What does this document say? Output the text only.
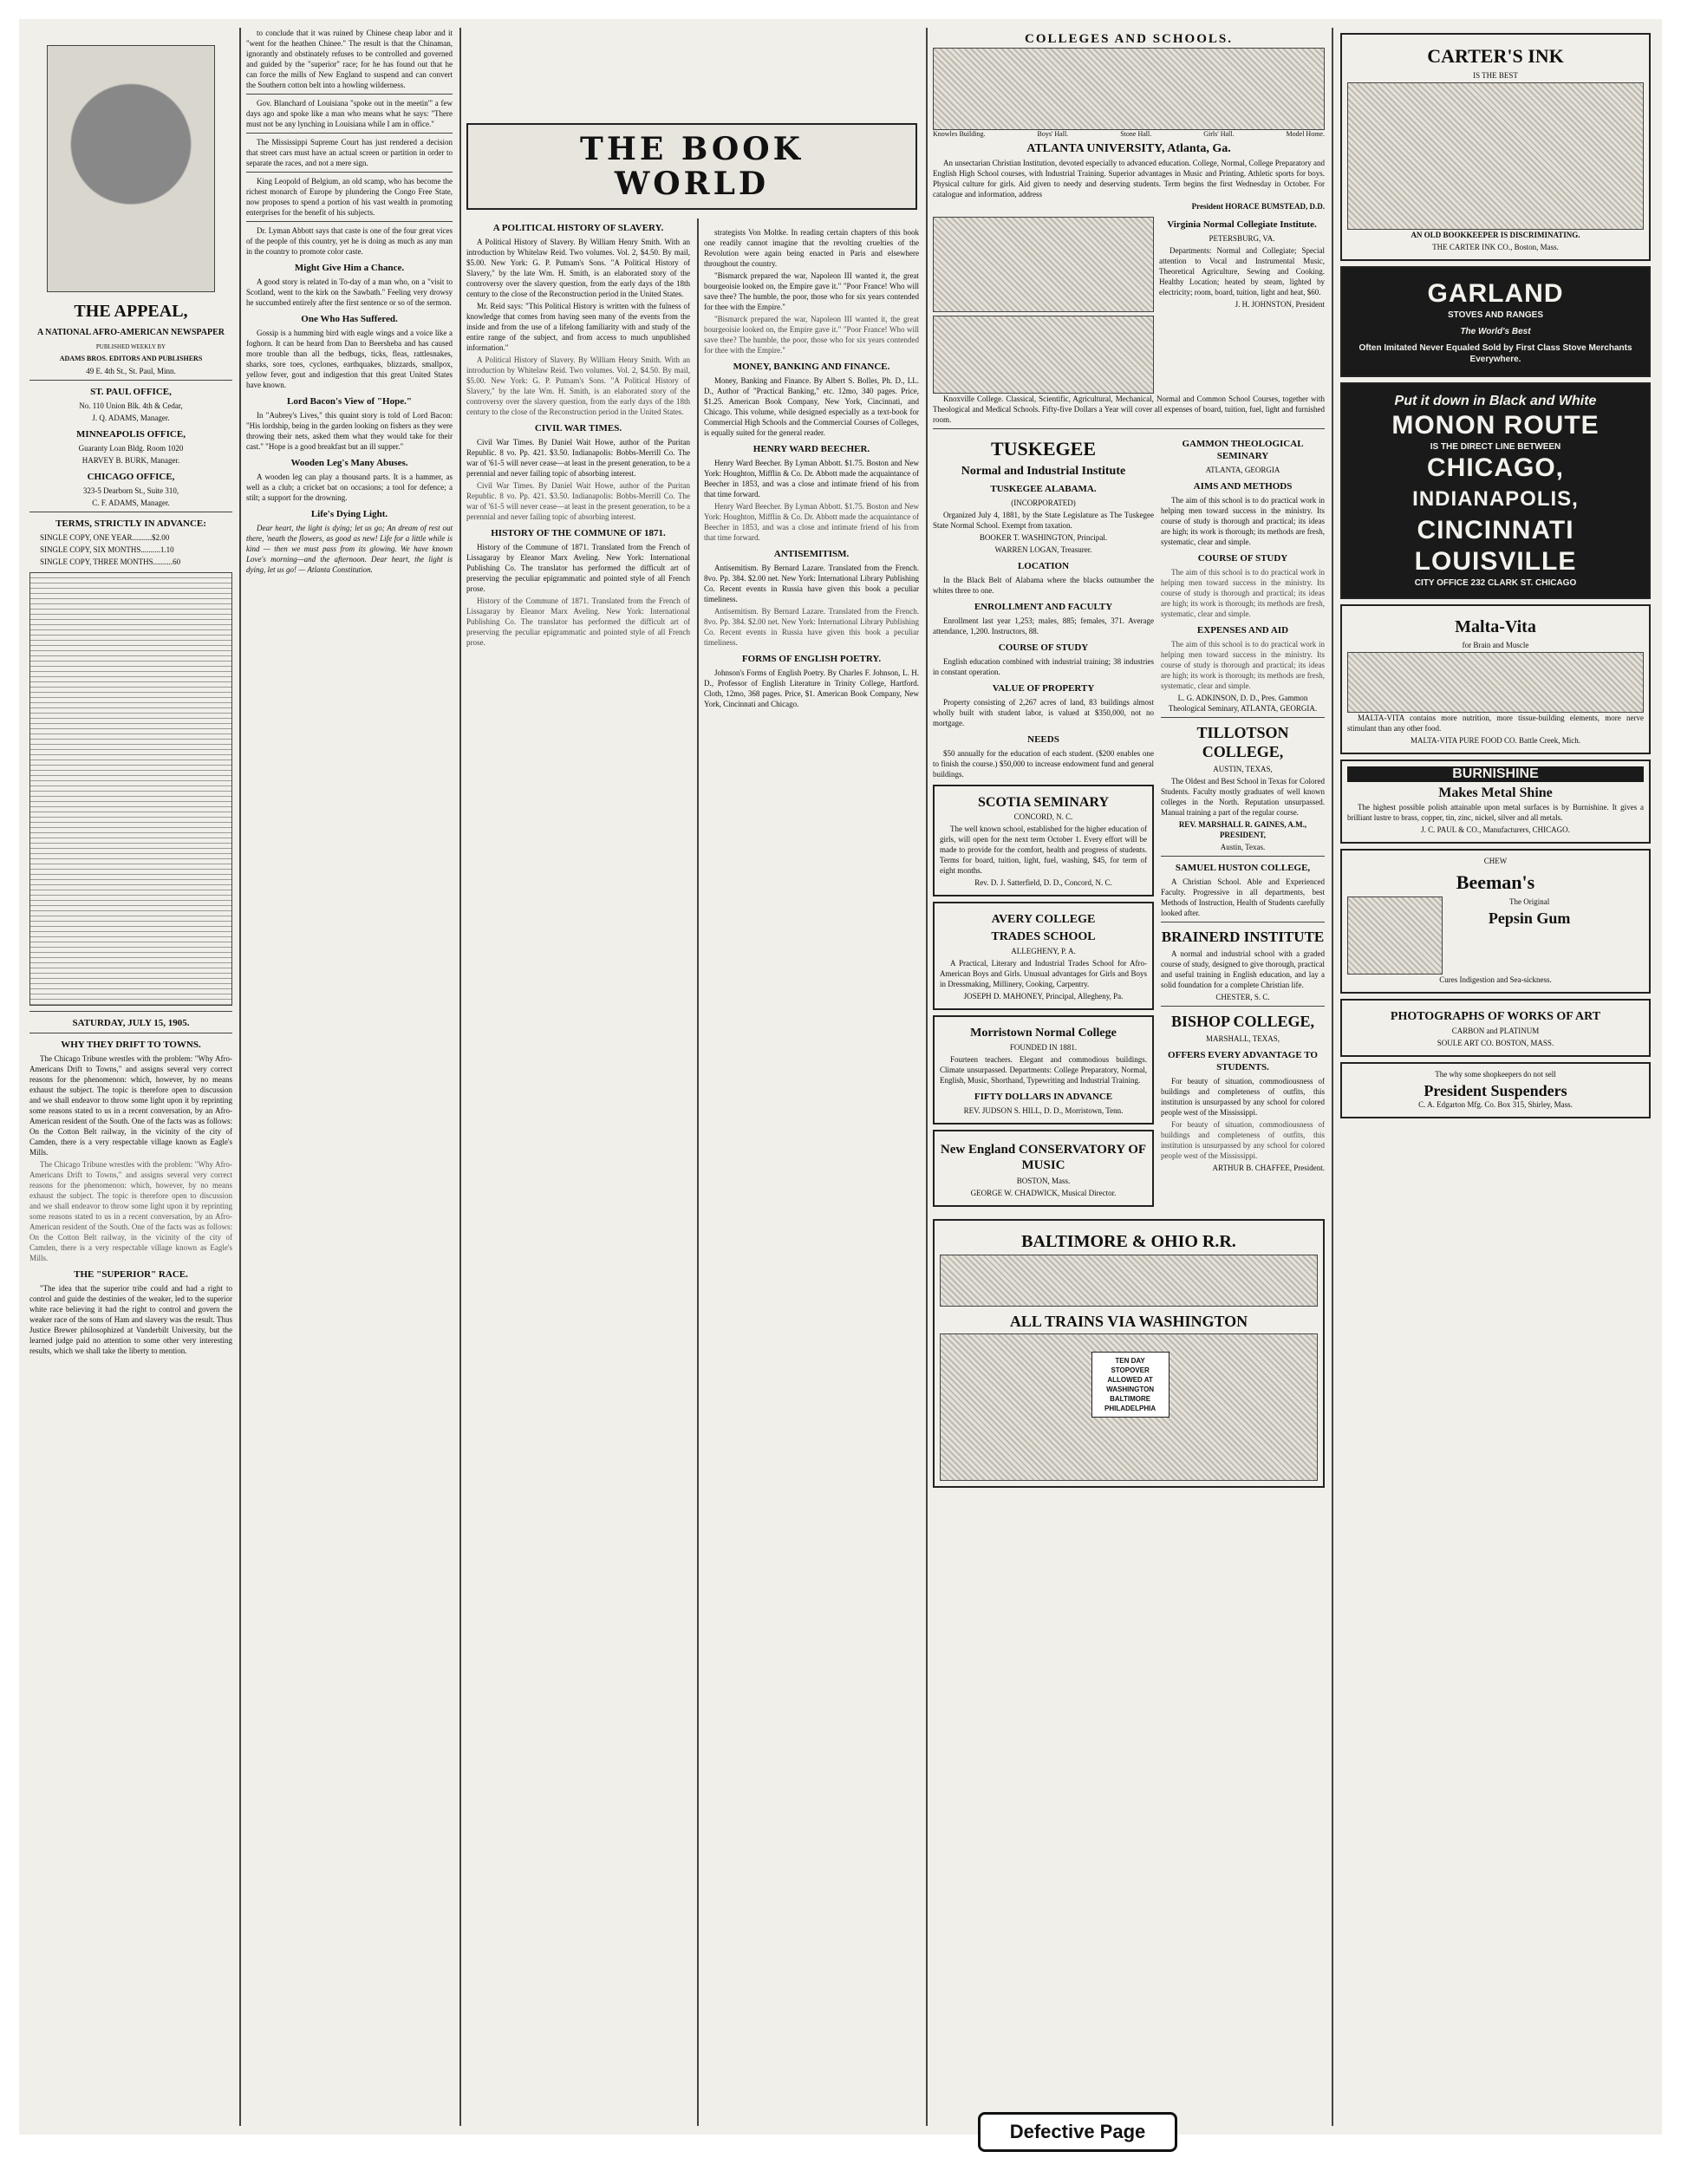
THE APPEAL,
A NATIONAL AFRO-AMERICAN NEWSPAPER

PUBLISHED WEEKLY BY

ADAMS BROS. EDITORS AND PUBLISHERS

49 E. 4th St., St. Paul, Minn.

ST. PAUL OFFICE,

No. 110 Union Blk. 4th & Cedar,

J. Q. ADAMS, Manager.

MINNEAPOLIS OFFICE,

Guaranty Loan Bldg. Room 1020

HARVEY B. BURK, Manager.

CHICAGO OFFICE,

323-5 Dearborn St., Suite 310,

C. F. ADAMS, Manager.

TERMS, STRICTLY IN ADVANCE:

SINGLE COPY, ONE YEAR..........$2.00

SINGLE COPY, SIX MONTHS..........1.10

SINGLE COPY, THREE MONTHS..........60

SATURDAY, JULY 15, 1905.
WHY THEY DRIFT TO TOWNS.

The Chicago Tribune wrestles with the problem: "Why Afro-Americans Drift to Towns," and assigns several very correct reasons for the phenomenon: which, however, by no means exhaust the subject. The topic is therefore open to discussion and we shall endeavor to throw some light upon it by reprinting some reasons stated to us in a recent conversation, by an Afro-American resident of the South. One of the facts was as follows: On the Cotton Belt railway, in the vicinity of the city of Camden, there is a very respectable village known as Eagle's Mills.

The Chicago Tribune wrestles with the problem: "Why Afro-Americans Drift to Towns," and assigns several very correct reasons for the phenomenon: which, however, by no means exhaust the subject. The topic is therefore open to discussion and we shall endeavor to throw some light upon it by reprinting some reasons stated to us in a recent conversation, by an Afro-American resident of the South. One of the facts was as follows: On the Cotton Belt railway, in the vicinity of the city of Camden, there is a very respectable village known as Eagle's Mills.

THE "SUPERIOR" RACE.

"The idea that the superior tribe could and had a right to control and guide the destinies of the weaker, led to the superior white race believing it had the right to control and govern the weaker race of the sons of Ham and slavery was the result. Thus Justice Brewer philosophized at Vanderbilt University, but the learned judge paid no attention to some other very interesting results, which we shall take the liberty to mention.

to conclude that it was ruined by Chinese cheap labor and it "went for the heathen Chinee." The result is that the Chinaman, ignorantly and obstinately refuses to be controlled and governed and guided by the "superior" race; for he has found out that he can force the mills of New England to suspend and can convert the Southern cotton belt into a howling wilderness.

Gov. Blanchard of Louisiana "spoke out in the meetin'" a few days ago and spoke like a man who means what he says: "There must not be any lynching in Louisiana while I am in office."

The Mississippi Supreme Court has just rendered a decision that street cars must have an actual screen or partition in order to separate the races, and not a mere sign.

King Leopold of Belgium, an old scamp, who has become the richest monarch of Europe by plundering the Congo Free State, now proposes to spend a portion of his vast wealth in promoting enterprises for the benefit of his subjects.

Dr. Lyman Abbott says that caste is one of the four great vices of the people of this country, yet he is doing as much as any man in the country to promote color caste.

Might Give Him a Chance.

A good story is related in To-day of a man who, on a "visit to Scotland, went to the kirk on the Sawbath." Feeling very drowsy he succumbed entirely after the first sentence or so of the sermon.

One Who Has Suffered.

Gossip is a humming bird with eagle wings and a voice like a foghorn. It can be heard from Dan to Beersheba and has caused more trouble than all the bedbugs, ticks, fleas, rattlesnakes, sharks, sore toes, cyclones, earthquakes, blizzards, smallpox, yellow fever, gout and indigestion that this great United States have known.

Lord Bacon's View of "Hope."

In "Aubrey's Lives," this quaint story is told of Lord Bacon: "His lordship, being in the garden looking on fishers as they were throwing their nets, asked them what they would take for their cast." "Hope is a good breakfast but an ill supper."

Wooden Leg's Many Abuses.

A wooden leg can play a thousand parts. It is a hammer, as well as a club; a cricket bat on occasions; a tool for defence; a stilt; a support for the drowning.

Life's Dying Light.

Dear heart, the light is dying; let us go; An dream of rest out there, 'neath the flowers, as good as new! Life for a little while is kind — then we must pass from its glowing. We have known Love's morning—and the afternoon. Dear heart, the light is dying, let us go! — Atlanta Constitution.

THE BOOK
WORLD
A POLITICAL HISTORY OF SLAVERY.

A Political History of Slavery. By William Henry Smith. With an introduction by Whitelaw Reid. Two volumes. Vol. 2, $4.50. By mail, $5.00. New York: G. P. Putnam's Sons. "A Political History of Slavery," by the late Wm. H. Smith, is an elaborated story of the controversy over the slavery question, from the early days of the 18th century to the close of the Reconstruction period in the United States.

Mr. Reid says: "This Political History is written with the fulness of knowledge that comes from having seen many of the events from the inside and from the use of a lifelong familiarity with and study of the entire range of the subject, and from access to much unpublished information."

A Political History of Slavery. By William Henry Smith. With an introduction by Whitelaw Reid. Two volumes. Vol. 2, $4.50. By mail, $5.00. New York: G. P. Putnam's Sons. "A Political History of Slavery," by the late Wm. H. Smith, is an elaborated story of the controversy over the slavery question, from the early days of the 18th century to the close of the Reconstruction period in the United States.

CIVIL WAR TIMES.

Civil War Times. By Daniel Wait Howe, author of the Puritan Republic. 8 vo. Pp. 421. $3.50. Indianapolis: Bobbs-Merrill Co. The war of '61-5 will never cease—at least in the present generation, to be a perennial and never failing topic of absorbing interest.

Civil War Times. By Daniel Wait Howe, author of the Puritan Republic. 8 vo. Pp. 421. $3.50. Indianapolis: Bobbs-Merrill Co. The war of '61-5 will never cease—at least in the present generation, to be a perennial and never failing topic of absorbing interest.

HISTORY OF THE COMMUNE OF 1871.

History of the Commune of 1871. Translated from the French of Lissagaray by Eleanor Marx Aveling. New York: International Publishing Co. The translator has performed the difficult art of preserving the peculiar epigrammatic and pointed style of all French prose.

History of the Commune of 1871. Translated from the French of Lissagaray by Eleanor Marx Aveling. New York: International Publishing Co. The translator has performed the difficult art of preserving the peculiar epigrammatic and pointed style of all French prose.

strategists Von Moltke. In reading certain chapters of this book one readily cannot imagine that the revolting cruelties of the Revolution were again being enacted in Paris and elsewhere throughout the country.

"Bismarck prepared the war, Napoleon III wanted it, the great bourgeoisie looked on, the Empire gave it." "Poor France! Who will save thee? The humble, the poor, those who for six years contended for thee with the Empire."

"Bismarck prepared the war, Napoleon III wanted it, the great bourgeoisie looked on, the Empire gave it." "Poor France! Who will save thee? The humble, the poor, those who for six years contended for thee with the Empire."

MONEY, BANKING AND FINANCE.

Money, Banking and Finance. By Albert S. Bolles, Ph. D., LL. D., Author of "Practical Banking," etc. 12mo, 340 pages. Price, $1.25. American Book Company, New York, Cincinnati, and Chicago. This volume, while designed especially as a text-book for Commercial High Schools and the Commercial Courses of Colleges, is equally suited for the general reader.

HENRY WARD BEECHER.

Henry Ward Beecher. By Lyman Abbott. $1.75. Boston and New York: Houghton, Mifflin & Co. Dr. Abbott made the acquaintance of Beecher in 1853, and was a close and intimate friend of his from that time forward.

Henry Ward Beecher. By Lyman Abbott. $1.75. Boston and New York: Houghton, Mifflin & Co. Dr. Abbott made the acquaintance of Beecher in 1853, and was a close and intimate friend of his from that time forward.

ANTISEMITISM.

Antisemitism. By Bernard Lazare. Translated from the French. 8vo. Pp. 384. $2.00 net. New York: International Library Publishing Co. Recent events in Russia have given this book a peculiar timeliness.

Antisemitism. By Bernard Lazare. Translated from the French. 8vo. Pp. 384. $2.00 net. New York: International Library Publishing Co. Recent events in Russia have given this book a peculiar timeliness.

FORMS OF ENGLISH POETRY.

Johnson's Forms of English Poetry. By Charles F. Johnson, L. H. D., Professor of English Literature in Trinity College, Hartford. Cloth, 12mo, 368 pages. Price, $1. American Book Company, New York, Cincinnati and Chicago.

COLLEGES AND SCHOOLS.
Knowles Building.	Boys' Hall.	Stone Hall.	Girls' Hall.	Model Home.
ATLANTA UNIVERSITY, Atlanta, Ga.

An unsectarian Christian Institution, devoted especially to advanced education. College, Normal, College Preparatory and English High School courses, with Industrial Training. Superior advantages in Music and Printing. Athletic sports for boys. Physical culture for girls. Aid given to needy and deserving students. Term begins the first Wednesday in October. For catalogue and information, address

President HORACE BUMSTEAD, D.D.

Virginia Normal Collegiate Institute.

PETERSBURG, VA.

Departments: Normal and Collegiate; Special attention to Vocal and Instrumental Music, Theoretical Agriculture, Sewing and Cooking. Healthy Location; heated by steam, lighted by electricity; room, board, tuition, light and heat, $60.

J. H. JOHNSTON, President

Knoxville College. Classical, Scientific, Agricultural, Mechanical, Normal and Common School Courses, together with Theological and Medical Schools. Fifty-five Dollars a Year will cover all expenses of board, tuition, fuel, light and furnished room.

TUSKEGEE
Normal and Industrial Institute
TUSKEGEE ALABAMA.

(INCORPORATED)

Organized July 4, 1881, by the State Legislature as The Tuskegee State Normal School. Exempt from taxation.

BOOKER T. WASHINGTON, Principal.

WARREN LOGAN, Treasurer.

LOCATION

In the Black Belt of Alabama where the blacks outnumber the whites three to one.

ENROLLMENT AND FACULTY

Enrollment last year 1,253; males, 885; females, 371. Average attendance, 1,200. Instructors, 88.

COURSE OF STUDY

English education combined with industrial training; 38 industries in constant operation.

VALUE OF PROPERTY

Property consisting of 2,267 acres of land, 83 buildings almost wholly built with student labor, is valued at $350,000, not no mortgage.

NEEDS

$50 annually for the education of each student. ($200 enables one to finish the course.) $50,000 to increase endowment fund and general buildings.

SCOTIA SEMINARY

CONCORD, N. C.

The well known school, established for the higher education of girls, will open for the next term October 1. Every effort will be made to provide for the comfort, health and progress of students. Terms for board, tuition, light, fuel, washing, $45, for term of eight months.

Rev. D. J. Satterfield, D. D., Concord, N. C.

AVERY COLLEGE
TRADES SCHOOL

ALLEGHENY, P. A.

A Practical, Literary and Industrial Trades School for Afro-American Boys and Girls. Unusual advantages for Girls and Boys in Dressmaking, Millinery, Cooking, Carpentry.

JOSEPH D. MAHONEY, Principal, Allegheny, Pa.

Morristown Normal College

FOUNDED IN 1881.

Fourteen teachers. Elegant and commodious buildings. Climate unsurpassed. Departments: College Preparatory, Normal, English, Music, Shorthand, Typewriting and Industrial Training.

FIFTY DOLLARS IN ADVANCE

REV. JUDSON S. HILL, D. D., Morristown, Tenn.

New England CONSERVATORY OF MUSIC

BOSTON, Mass.

GEORGE W. CHADWICK, Musical Director.

GAMMON THEOLOGICAL SEMINARY

ATLANTA, GEORGIA

AIMS AND METHODS

The aim of this school is to do practical work in helping men toward success in the ministry. Its course of study is thorough and practical; its ideas are high; its work is thorough; its methods are fresh, systematic, clear and simple.

COURSE OF STUDY

The aim of this school is to do practical work in helping men toward success in the ministry. Its course of study is thorough and practical; its ideas are high; its work is thorough; its methods are fresh, systematic, clear and simple.

EXPENSES AND AID

The aim of this school is to do practical work in helping men toward success in the ministry. Its course of study is thorough and practical; its ideas are high; its work is thorough; its methods are fresh, systematic, clear and simple.

L. G. ADKINSON, D. D., Pres. Gammon Theological Seminary, ATLANTA, GEORGIA.

TILLOTSON COLLEGE,

AUSTIN, TEXAS,

The Oldest and Best School in Texas for Colored Students. Faculty mostly graduates of well known colleges in the North. Reputation unsurpassed. Manual training a part of the regular course.

REV. MARSHALL R. GAINES, A.M., PRESIDENT,

Austin, Texas.

SAMUEL HUSTON COLLEGE,

A Christian School. Able and Experienced Faculty. Progressive in all departments, best Methods of Instruction, Health of Students carefully looked after.

BRAINERD INSTITUTE

A normal and industrial school with a graded course of study, designed to give thorough, practical and useful training in English education, and lay a solid foundation for a complete Christian life.

CHESTER, S. C.

BISHOP COLLEGE,

MARSHALL, TEXAS,

OFFERS EVERY ADVANTAGE TO STUDENTS.

For beauty of situation, commodiousness of buildings and completeness of outfits, this institution is unsurpassed by any school for colored people west of the Mississippi.

For beauty of situation, commodiousness of buildings and completeness of outfits, this institution is unsurpassed by any school for colored people west of the Mississippi.

ARTHUR B. CHAFFEE, President.

BALTIMORE & OHIO R.R.
ALL TRAINS VIA WASHINGTON
TEN DAY STOPOVER ALLOWED AT WASHINGTON BALTIMORE PHILADELPHIA
CARTER'S INK

IS THE BEST

AN OLD BOOKKEEPER IS DISCRIMINATING.

THE CARTER INK CO., Boston, Mass.

GARLAND
STOVES AND RANGES
The World's Best
Often Imitated Never Equaled Sold by First Class Stove Merchants Everywhere.
Put it down in Black and White
MONON ROUTE
IS THE DIRECT LINE BETWEEN
CHICAGO,
INDIANAPOLIS,
CINCINNATI
LOUISVILLE
CITY OFFICE 232 CLARK ST. CHICAGO
Malta-Vita

for Brain and Muscle

MALTA-VITA contains more nutrition, more tissue-building elements, more nerve stimulant than any other food.

MALTA-VITA PURE FOOD CO. Battle Creek, Mich.

BURNISHINE
Makes Metal Shine

The highest possible polish attainable upon metal surfaces is by Burnishine. It gives a brilliant lustre to brass, copper, tin, zinc, nickel, silver and all metals.

J. C. PAUL & CO., Manufacturers, CHICAGO.

CHEW

Beeman's

The Original

Pepsin Gum

Cures Indigestion and Sea-sickness.

PHOTOGRAPHS OF WORKS OF ART

CARBON and PLATINUM

SOULE ART CO. BOSTON, MASS.

The why some shopkeepers do not sell

President Suspenders

C. A. Edgarton Mfg. Co. Box 315, Shirley, Mass.

Defective Page
